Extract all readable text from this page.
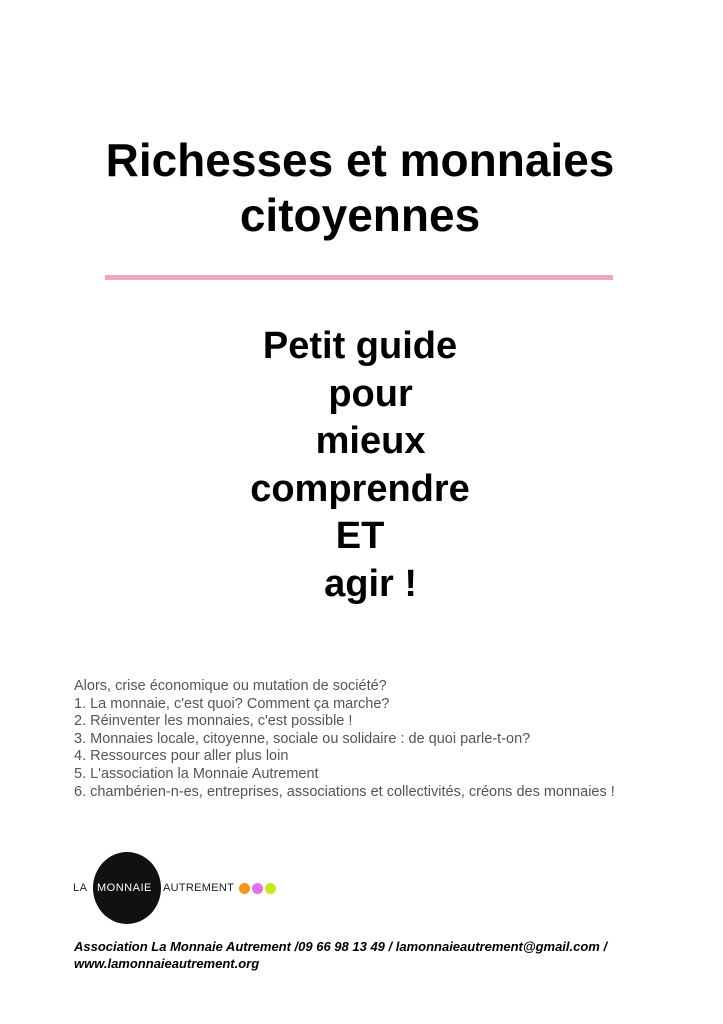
Richesses et monnaies
citoyennes
Petit guide
pour
mieux
comprendre
ET
agir !
Alors, crise économique ou mutation de société?
1. La monnaie, c'est quoi? Comment ça marche?
2. Réinventer les monnaies, c'est possible !
3. Monnaies locale, citoyenne, sociale ou solidaire : de quoi parle-t-on?
4. Ressources pour aller plus loin
5. L'association la Monnaie Autrement
6. chambérien-n-es, entreprises, associations et collectivités, créons des monnaies !
LA MONNAIE AUTREMENT
Association La Monnaie Autrement /09 66 98 13 49 / lamonnaieautrement@gmail.com /
www.lamonnaieautrement.org
